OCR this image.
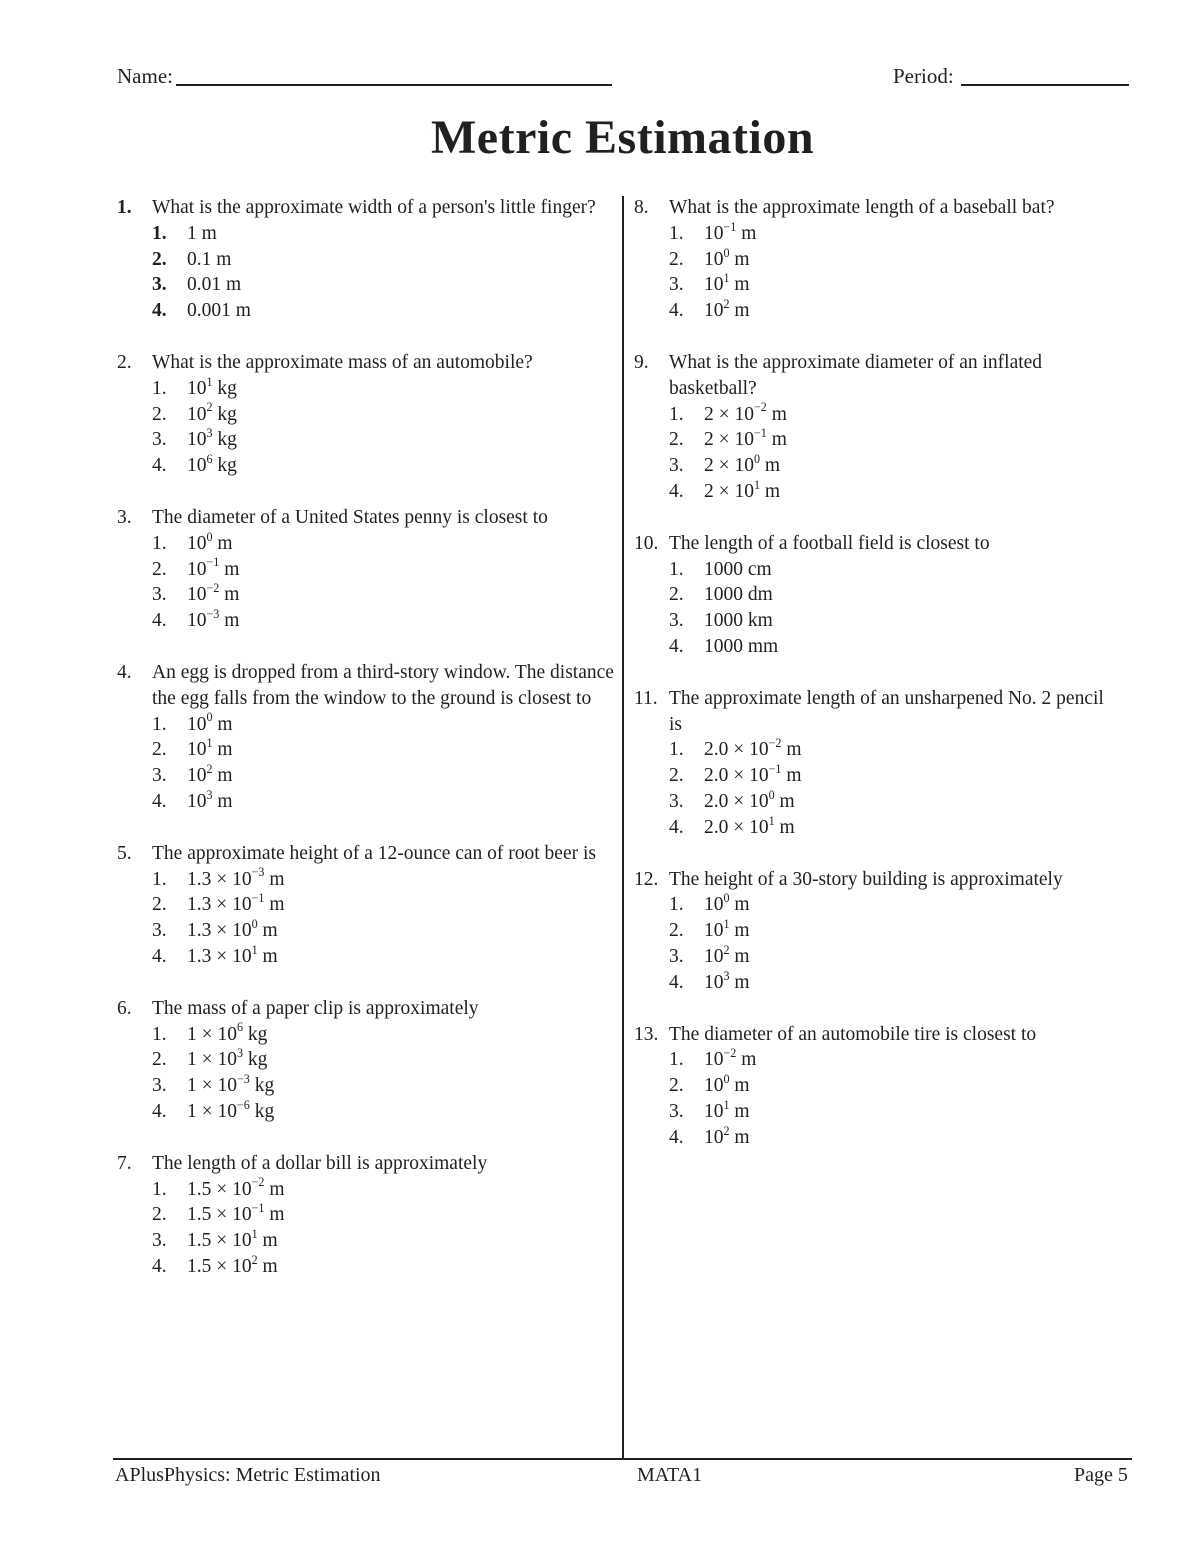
Name:	Period:
Metric Estimation
1.	What is the approximate width of a person's little finger?
1.	1 m
2.	0.1 m
3.	0.01 m
4.	0.001 m
2.	What is the approximate mass of an automobile?
1.	$10^1$ kg
2.	$10^2$ kg
3.	$10^3$ kg
4.	$10^6$ kg
3.	The diameter of a United States penny is closest to
1.	$10^0$ m
2.	$10^{-1}$ m
3.	$10^{-2}$ m
4.	$10^{-3}$ m
4.	An egg is dropped from a third-story window. The distance the egg falls from the window to the ground is closest to
1.	$10^0$ m
2.	$10^1$ m
3.	$10^2$ m
4.	$10^3$ m
5.	The approximate height of a 12-ounce can of root beer is
1.	$1.3 \times 10^{-3}$ m
2.	$1.3 \times 10^{-1}$ m
3.	$1.3 \times 10^0$ m
4.	$1.3 \times 10^1$ m
6.	The mass of a paper clip is approximately
1.	$1 \times 10^6$ kg
2.	$1 \times 10^3$ kg
3.	$1 \times 10^{-3}$ kg
4.	$1 \times 10^{-6}$ kg
7.	The length of a dollar bill is approximately
1.	$1.5 \times 10^{-2}$ m
2.	$1.5 \times 10^{-1}$ m
3.	$1.5 \times 10^1$ m
4.	$1.5 \times 10^2$ m
8.	What is the approximate length of a baseball bat?
1.	$10^{-1}$ m
2.	$10^0$ m
3.	$10^1$ m
4.	$10^2$ m
9.	What is the approximate diameter of an inflated basketball?
1.	$2 \times 10^{-2}$ m
2.	$2 \times 10^{-1}$ m
3.	$2 \times 10^0$ m
4.	$2 \times 10^1$ m
10. The length of a football field is closest to
1.	1000 cm
2.	1000 dm
3.	1000 km
4.	1000 mm
11. The approximate length of an unsharpened No. 2 pencil is
1.	$2.0 \times 10^{-2}$ m
2.	$2.0 \times 10^{-1}$ m
3.	$2.0 \times 10^0$ m
4.	$2.0 \times 10^1$ m
12. The height of a 30-story building is approximately
1.	$10^0$ m
2.	$10^1$ m
3.	$10^2$ m
4.	$10^3$ m
13. The diameter of an automobile tire is closest to
1.	$10^{-2}$ m
2.	$10^0$ m
3.	$10^1$ m
4.	$10^2$ m
APlusPhysics: Metric Estimation	MATA1	Page 5
